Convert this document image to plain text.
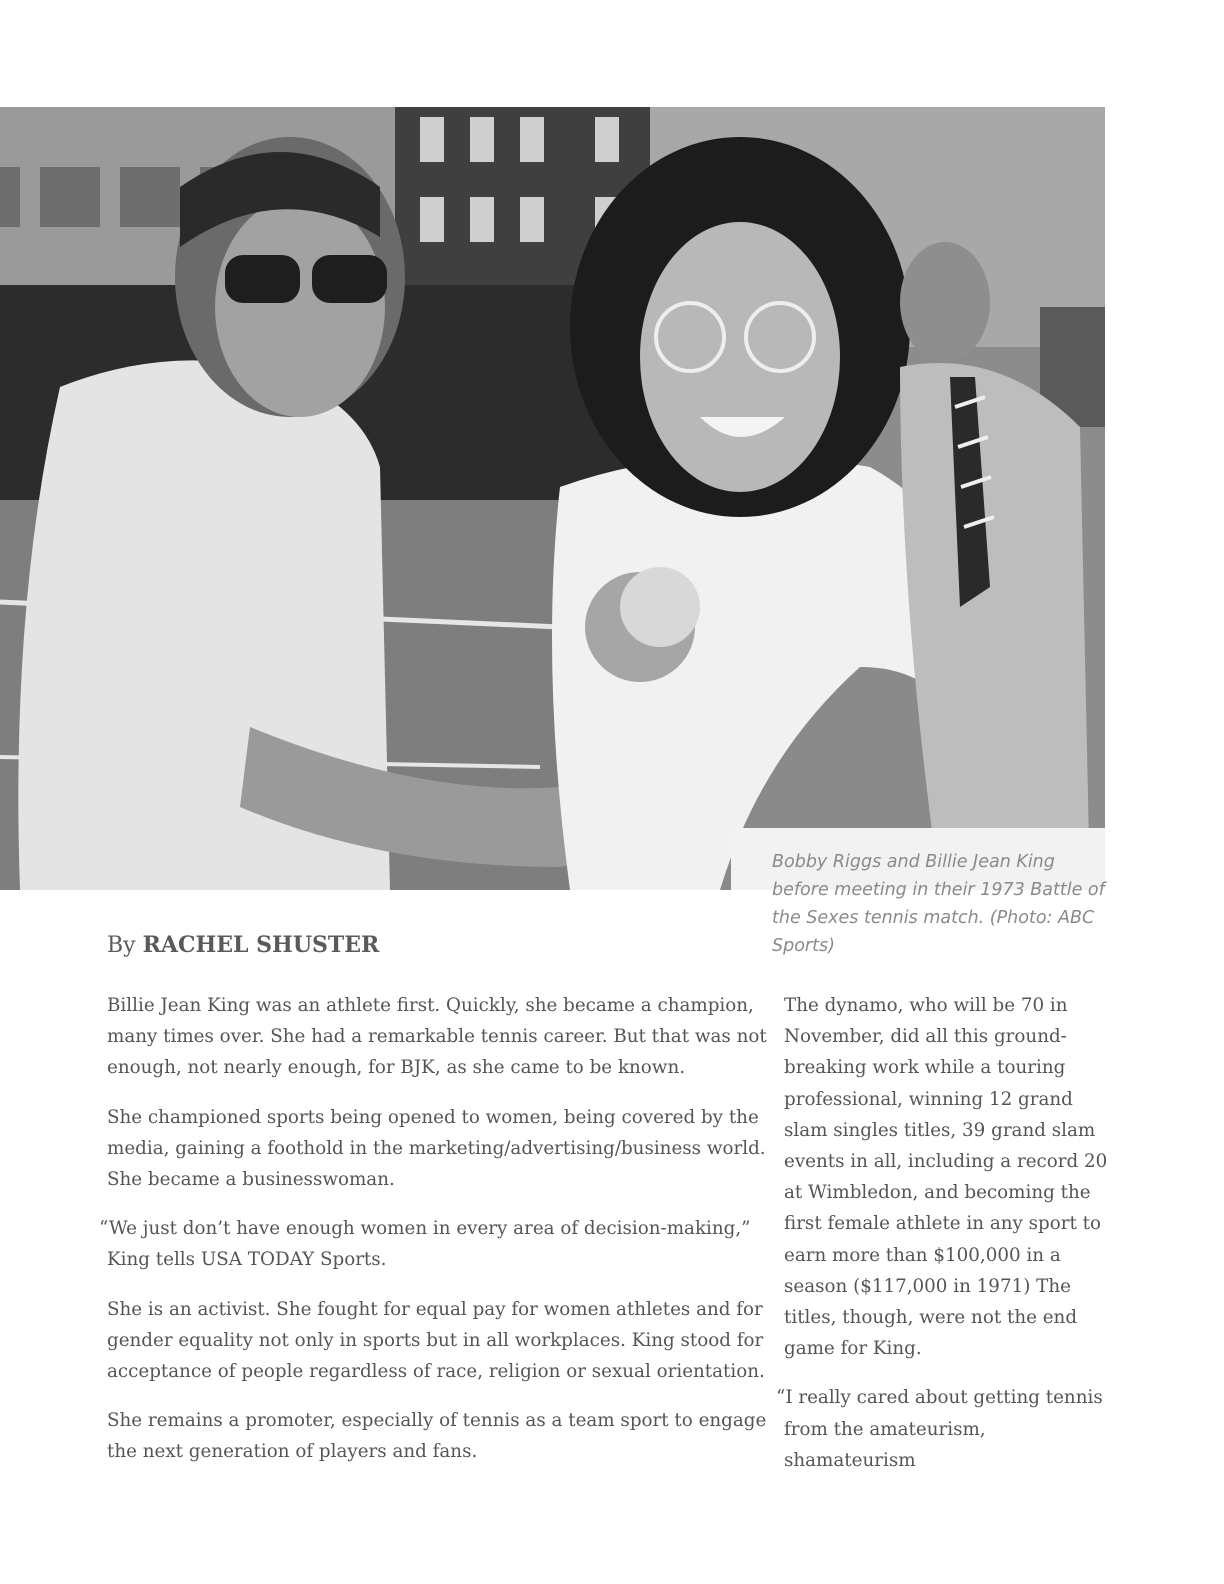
Bobby Riggs and Billie Jean King before meeting in their 1973 Battle of the Sexes tennis match. (Photo: ABC Sports)

By RACHEL SHUSTER

Billie Jean King was an athlete first. Quickly, she became a champion, many times over. She had a remarkable tennis career. But that was not enough, not nearly enough, for BJK, as she came to be known.

She championed sports being opened to women, being covered by the media, gaining a foothold in the marketing/advertising/business world. She became a businesswoman.

“We just don’t have enough women in every area of decision-making,” King tells USA TODAY Sports.

She is an activist. She fought for equal pay for women athletes and for gender equality not only in sports but in all workplaces. King stood for acceptance of people regardless of race, religion or sexual orientation.

She remains a promoter, especially of tennis as a team sport to engage the next generation of players and fans.

The dynamo, who will be 70 in November, did all this ground-breaking work while a touring professional, winning 12 grand slam singles titles, 39 grand slam events in all, including a record 20 at Wimbledon, and becoming the first female athlete in any sport to earn more than $100,000 in a season ($117,000 in 1971) The titles, though, were not the end game for King.

“I really cared about getting tennis from the amateurism, shamateurism
